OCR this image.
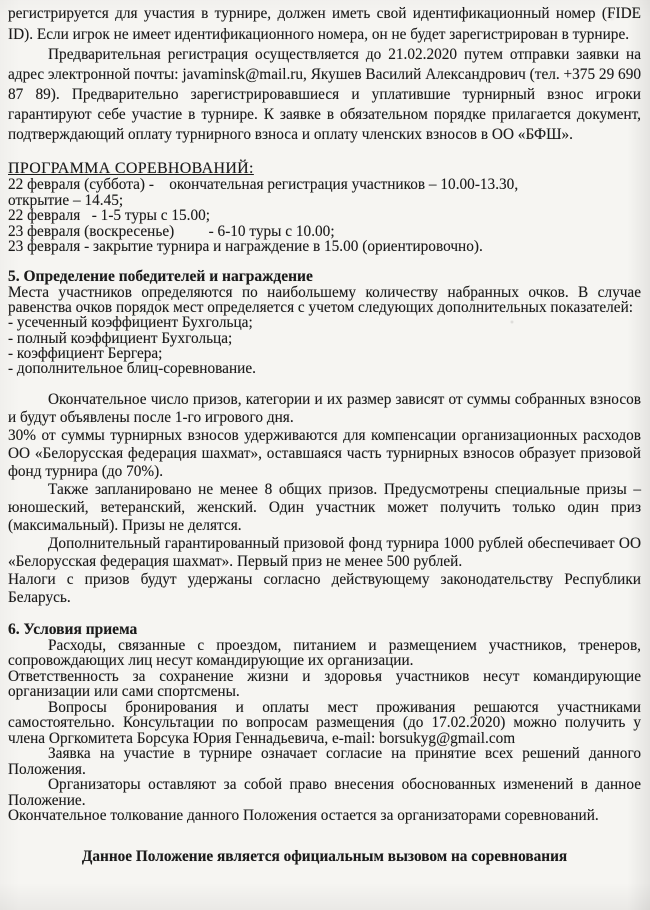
регистрируется для участия в турнире, должен иметь свой идентификационный номер (FIDE ID). Если игрок не имеет идентификационного номера, он не будет зарегистрирован в турнире.

Предварительная регистрация осуществляется до 21.02.2020 путем отправки заявки на адрес электронной почты: javaminsk@mail.ru, Якушев Василий Александрович (тел. +375 29 690 87 89). Предварительно зарегистрировавшиеся и уплатившие турнирный взнос игроки гарантируют себе участие в турнире. К заявке в обязательном порядке прилагается документ, подтверждающий оплату турнирного взноса и оплату членских взносов в ОО «БФШ».

ПРОГРАММА СОРЕВНОВАНИЙ:
22 февраля (суббота) -    окончательная регистрация участников – 10.00-13.30,
открытие – 14.45;
22 февраля   - 1-5 туры с 15.00;
23 февраля (воскресенье)         - 6-10 туры с 10.00;
23 февраля - закрытие турнира и награждение в 15.00 (ориентировочно).

5. Определение победителей и награждение

Места участников определяются по наибольшему количеству набранных очков. В случае равенства очков порядок мест определяется с учетом следующих дополнительных показателей:

- усеченный коэффициент Бухгольца;
- полный коэффициент Бухгольца;
- коэффициент Бергера;
- дополнительное блиц-соревнование.

Окончательное число призов, категории и их размер зависят от суммы собранных взносов и будут объявлены после 1-го игрового дня.

30% от суммы турнирных взносов удерживаются для компенсации организационных расходов ОО «Белорусская федерация шахмат», оставшаяся часть турнирных взносов образует призовой фонд турнира (до 70%).

Также запланировано не менее 8 общих призов. Предусмотрены специальные призы – юношеский, ветеранский, женский. Один участник может получить только один приз (максимальный). Призы не делятся.

Дополнительный гарантированный призовой фонд турнира 1000 рублей обеспечивает ОО «Белорусская федерация шахмат». Первый приз не менее 500 рублей.

Налоги с призов будут удержаны согласно действующему законодательству Республики Беларусь.

6. Условия приема

Расходы, связанные с проездом, питанием и размещением участников, тренеров, сопровождающих лиц несут командирующие их организации.

Ответственность за сохранение жизни и здоровья участников несут командирующие организации или сами спортсмены.

Вопросы бронирования и оплаты мест проживания решаются участниками самостоятельно. Консультации по вопросам размещения (до 17.02.2020) можно получить у члена Оргкомитета Борсука Юрия Геннадьевича, e-mail: borsukyg@gmail.com

Заявка на участие в турнире означает согласие на принятие всех решений данного Положения.

Организаторы оставляют за собой право внесения обоснованных изменений в данное Положение.

Окончательное толкование данного Положения остается за организаторами соревнований.

Данное Положение является официальным вызовом на соревнования
